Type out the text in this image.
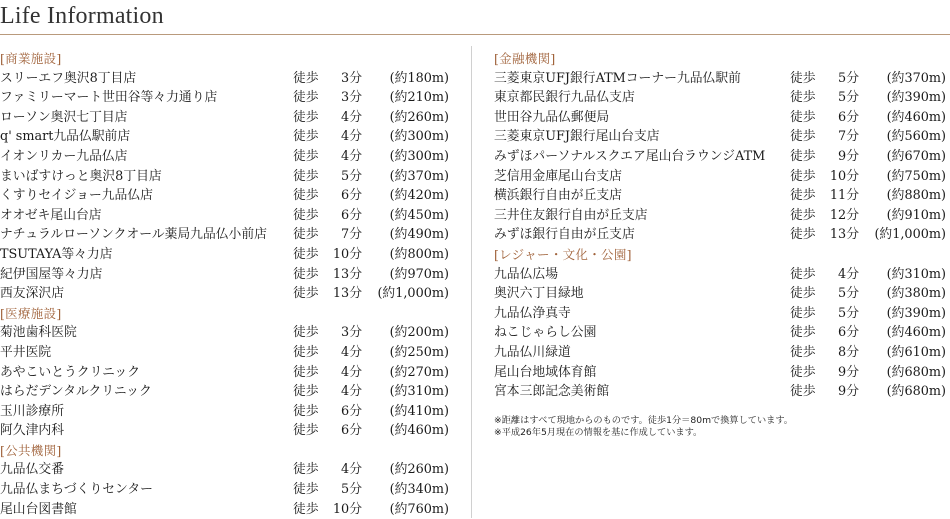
Life Information
[商業施設]
スリーエフ奥沢8丁目店	徒歩	3分	(約180m)
ファミリーマート世田谷等々力通り店	徒歩	3分	(約210m)
ローソン奥沢七丁目店	徒歩	4分	(約260m)
q' smart九品仏駅前店	徒歩	4分	(約300m)
イオンリカー九品仏店	徒歩	4分	(約300m)
まいばすけっと奥沢8丁目店	徒歩	5分	(約370m)
くすりセイジョー九品仏店	徒歩	6分	(約420m)
オオゼキ尾山台店	徒歩	6分	(約450m)
ナチュラルローソンクオール薬局九品仏小前店 徒歩	7分	(約490m)
TSUTAYA等々力店	徒歩	10分	(約800m)
紀伊国屋等々力店	徒歩	13分	(約970m)
西友深沢店	徒歩	13分	(約1,000m)
[医療施設]
菊池歯科医院	徒歩	3分	(約200m)
平井医院	徒歩	4分	(約250m)
あやこいとうクリニック	徒歩	4分	(約270m)
はらだデンタルクリニック	徒歩	4分	(約310m)
玉川診療所	徒歩	6分	(約410m)
阿久津内科	徒歩	6分	(約460m)
[公共機関]
九品仏交番	徒歩	4分	(約260m)
九品仏まちづくりセンター	徒歩	5分	(約340m)
尾山台図書館	徒歩	10分	(約760m)
[金融機関]
三菱東京UFJ銀行ATMコーナー九品仏駅前	徒歩	5分	(約370m)
東京都民銀行九品仏支店	徒歩	5分	(約390m)
世田谷九品仏郵便局	徒歩	6分	(約460m)
三菱東京UFJ銀行尾山台支店	徒歩	7分	(約560m)
みずほパーソナルスクエア尾山台ラウンジATM 徒歩	9分	(約670m)
芝信用金庫尾山台支店	徒歩	10分	(約750m)
横浜銀行自由が丘支店	徒歩	11分	(約880m)
三井住友銀行自由が丘支店	徒歩	12分	(約910m)
みずほ銀行自由が丘支店	徒歩	13分	(約1,000m)
[レジャー・文化・公園]
九品仏広場	徒歩	4分	(約310m)
奥沢六丁目緑地	徒歩	5分	(約380m)
九品仏浄真寺	徒歩	5分	(約390m)
ねこじゃらし公園	徒歩	6分	(約460m)
九品仏川緑道	徒歩	8分	(約610m)
尾山台地域体育館	徒歩	9分	(約680m)
宮本三郎記念美術館	徒歩	9分	(約680m)
※距離はすべて現地からのものです。徒歩1分＝80mで換算しています。
※平成26年5月現在の情報を基に作成しています。
